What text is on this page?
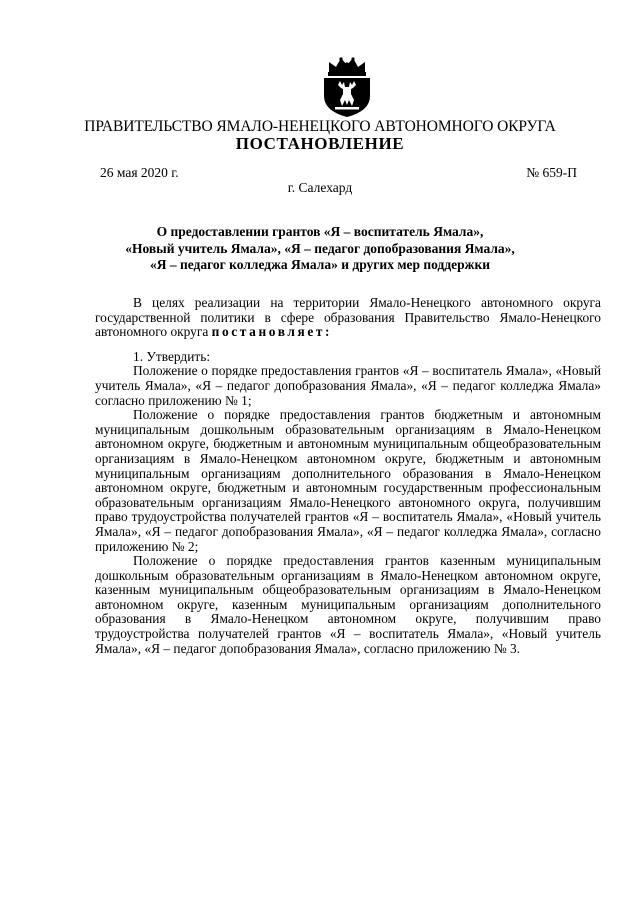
ПРАВИТЕЛЬСТВО ЯМАЛО-НЕНЕЦКОГО АВТОНОМНОГО ОКРУГА
ПОСТАНОВЛЕНИЕ
26 мая 2020 г.	№ 659-П
г. Салехард
О предоставлении грантов «Я – воспитатель Ямала»,
«Новый учитель Ямала», «Я – педагог допобразования Ямала»,
«Я – педагог колледжа Ямала» и других мер поддержки

В целях реализации на территории Ямало-Ненецкого автономного округа государственной политики в сфере образования Правительство Ямало-Ненецкого автономного округа постановляет:

1. Утвердить:

Положение о порядке предоставления грантов «Я – воспитатель Ямала», «Новый учитель Ямала», «Я – педагог допобразования Ямала», «Я – педагог колледжа Ямала» согласно приложению № 1;

Положение о порядке предоставления грантов бюджетным и автономным муниципальным дошкольным образовательным организациям в Ямало-Ненецком автономном округе, бюджетным и автономным муниципальным общеобразовательным организациям в Ямало-Ненецком автономном округе, бюджетным и автономным муниципальным организациям дополнительного образования в Ямало-Ненецком автономном округе, бюджетным и автономным государственным профессиональным образовательным организациям Ямало-Ненецкого автономного округа, получившим право трудоустройства получателей грантов «Я – воспитатель Ямала», «Новый учитель Ямала», «Я – педагог допобразования Ямала», «Я – педагог колледжа Ямала», согласно приложению № 2;

Положение о порядке предоставления грантов казенным муниципальным дошкольным образовательным организациям в Ямало-Ненецком автономном округе, казенным муниципальным общеобразовательным организациям в Ямало-Ненецком автономном округе, казенным муниципальным организациям дополнительного образования в Ямало-Ненецком автономном округе, получившим право трудоустройства получателей грантов «Я – воспитатель Ямала», «Новый учитель Ямала», «Я – педагог допобразования Ямала», согласно приложению № 3.
